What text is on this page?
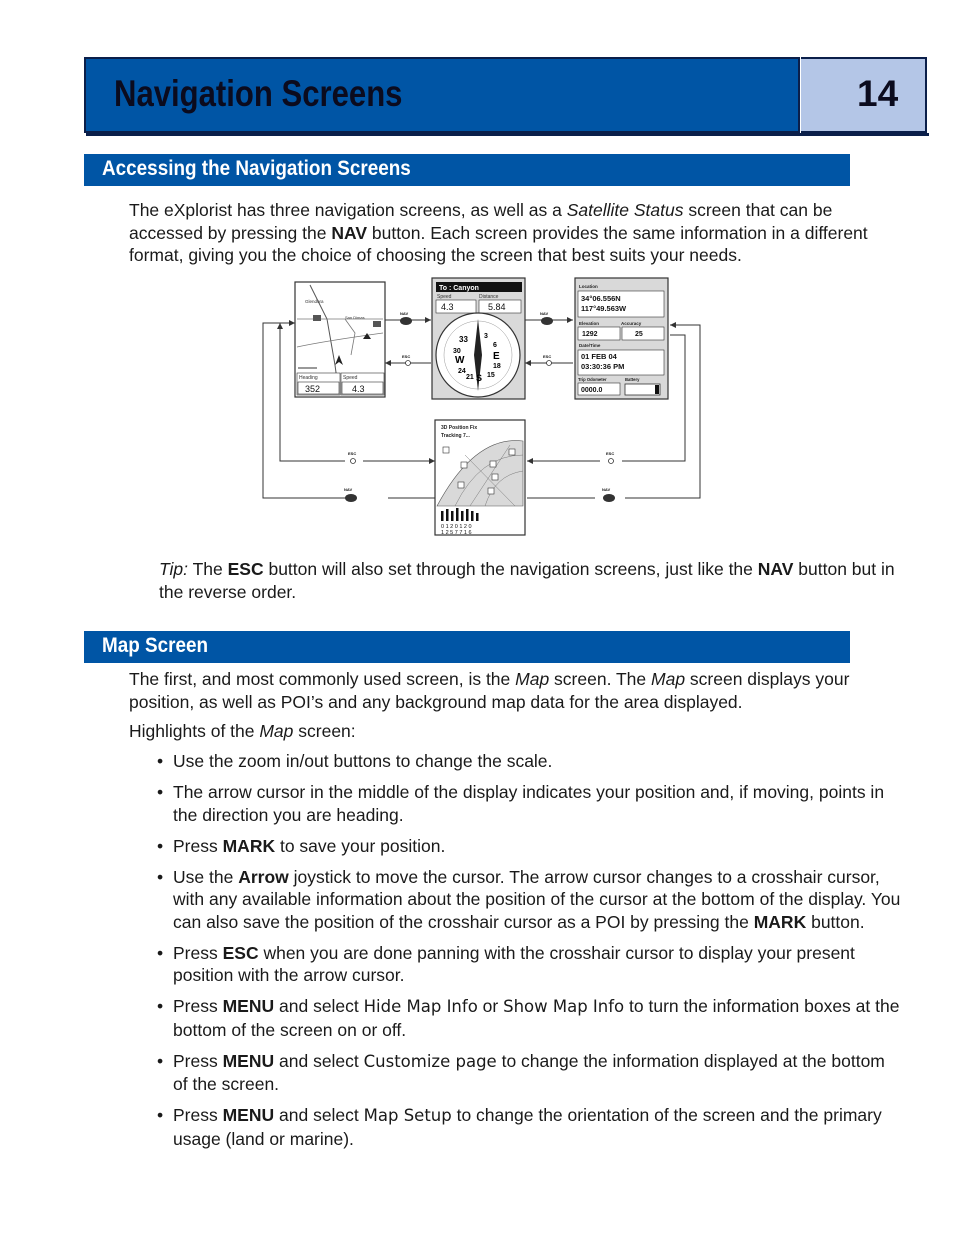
Navigation Screens	14
Accessing the Navigation Screens
The eXplorist has three navigation screens, as well as a Satellite Status screen that can be accessed by pressing the NAV button. Each screen provides the same information in a different format, giving you the choice of choosing the screen that best suits your needs.
Glendora
San Dimas
Heading	Speed
352	4.3
NAV
ESC
NAV
ESC
ESC
NAV
ESC
NAV
To : Canyon
Speed	Distance
4.3	5.84
33 3
30
6
W	E
24
18
21 15
S
Location
34°06.556N
117°49.563W
Elevation	Accuracy
1292	25
Date/Time
01 FEB 04
03:30:36 PM
Trip Odometer	Battery
0000.0
3D Position Fix
Tracking 7...
0 1 2 0 1 2 0
1 2 5 7 7 1 6
Tip: The ESC button will also set through the navigation screens, just like the NAV button but in the reverse order.
Map Screen
The first, and most commonly used screen, is the Map screen. The Map screen displays your position, as well as POI’s and any background map data for the area displayed.
Highlights of the Map screen:
• Use the zoom in/out buttons to change the scale.
• The arrow cursor in the middle of the display indicates your position and, if moving, points in the direction you are heading.
• Press MARK to save your position.
• Use the Arrow joystick to move the cursor. The arrow cursor changes to a crosshair cursor, with any available information about the position of the cursor at the bottom of the display. You can also save the position of the crosshair cursor as a POI by pressing the MARK button.
• Press ESC when you are done panning with the crosshair cursor to display your present position with the arrow cursor.
• Press MENU and select Hide Map Info or Show Map Info to turn the information boxes at the bottom of the screen on or off.
• Press MENU and select Customize page to change the information displayed at the bottom of the screen.
• Press MENU and select Map Setup to change the orientation of the screen and the primary usage (land or marine).
